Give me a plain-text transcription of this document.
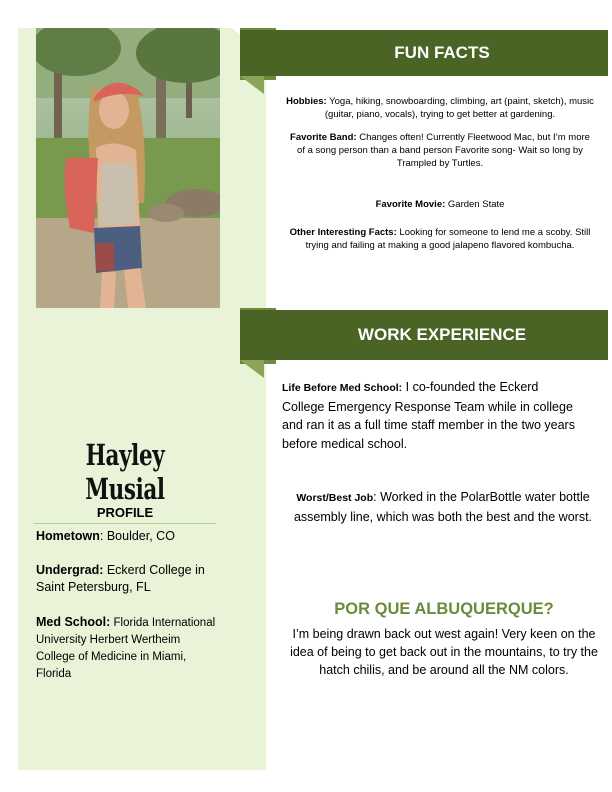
Hayley Musial
PROFILE
Hometown: Boulder, CO
Undergrad: Eckerd College in Saint Petersburg, FL
Med School: Florida International University Herbert Wertheim College of Medicine in Miami, Florida
FUN FACTS
Hobbies: Yoga, hiking, snowboarding, climbing, art (paint, sketch), music (guitar, piano, vocals), trying to get better at gardening.
Favorite Band: Changes often! Currently Fleetwood Mac, but I’m more of a song person than a band person Favorite song- Wait so long by Trampled by Turtles.
Favorite Movie: Garden State
Other Interesting Facts: Looking for someone to lend me a scoby. Still trying and failing at making a good jalapeno flavored kombucha.
WORK EXPERIENCE
Life Before Med School: I co-founded the Eckerd College Emergency Response Team while in college and ran it as a full time staff member in the two years before medical school.
Worst/Best Job: Worked in the PolarBottle water bottle assembly line, which was both the best and the worst.
POR QUE ALBUQUERQUE?
I’m being drawn back out west again! Very keen on the idea of being to get back out in the mountains, to try the hatch chilis, and be around all the NM colors.
